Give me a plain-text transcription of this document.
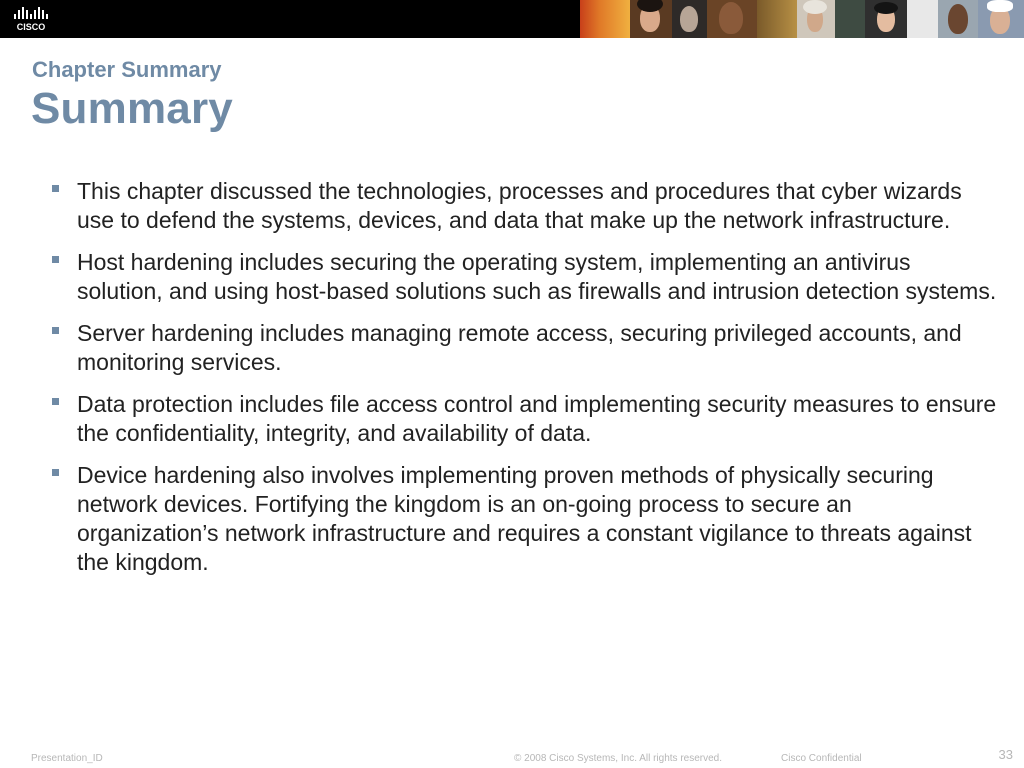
CISCO
Chapter Summary
Summary
This chapter discussed the technologies, processes and procedures that cyber wizards use to defend the systems, devices, and data that make up the network infrastructure.
Host hardening includes securing the operating system, implementing an antivirus solution, and using host-based solutions such as firewalls and intrusion detection systems.
Server hardening includes managing remote access, securing privileged accounts, and monitoring services.
Data protection includes file access control and implementing security measures to ensure the confidentiality, integrity, and availability of data.
Device hardening also involves implementing proven methods of physically securing network devices. Fortifying the kingdom is an on-going process to secure an organization’s network infrastructure and requires a constant vigilance to threats against the kingdom.
Presentation_ID	© 2008 Cisco Systems, Inc. All rights reserved.	Cisco Confidential	33
